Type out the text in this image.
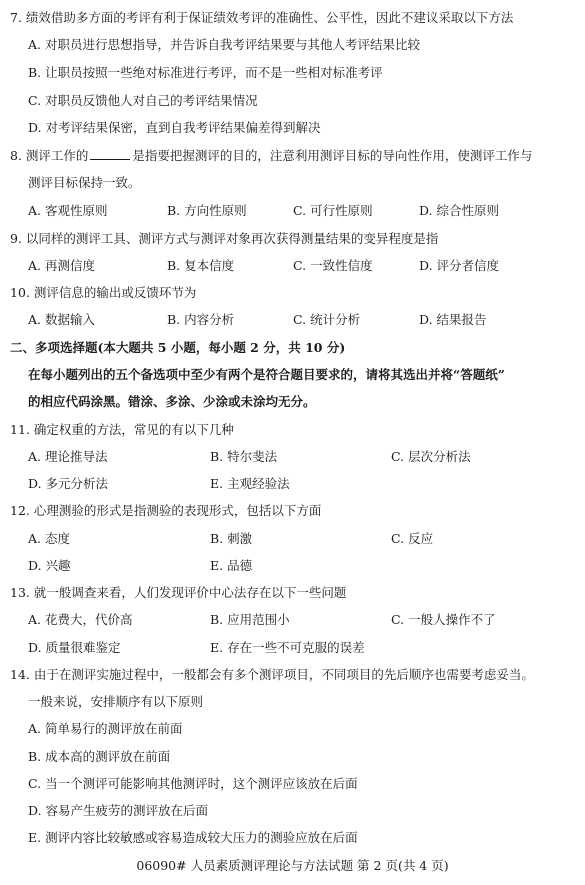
7. 绩效借助多方面的考评有利于保证绩效考评的准确性、公平性，因此不建议采取以下方法
A. 对职员进行思想指导，并告诉自我考评结果要与其他人考评结果比较
B. 让职员按照一些绝对标准进行考评，而不是一些相对标准考评
C. 对职员反馈他人对自己的考评结果情况
D. 对考评结果保密，直到自我考评结果偏差得到解决
8. 测评工作的	是指要把握测评的目的，注意利用测评目标的导向性作用，使测评工作与
测评目标保持一致。
A. 客观性原则	B. 方向性原则	C. 可行性原则	D. 综合性原则
9. 以同样的测评工具、测评方式与测评对象再次获得测量结果的变异程度是指
A. 再测信度	B. 复本信度	C. 一致性信度	D. 评分者信度
10. 测评信息的输出或反馈环节为
A. 数据输入	B. 内容分析	C. 统计分析	D. 结果报告
二、多项选择题(本大题共 5 小题，每小题 2 分，共 10 分)
在每小题列出的五个备选项中至少有两个是符合题目要求的，请将其选出并将“答题纸”
的相应代码涂黑。错涂、多涂、少涂或未涂均无分。
11. 确定权重的方法，常见的有以下几种
A. 理论推导法	B. 特尔斐法	C. 层次分析法
D. 多元分析法	E. 主观经验法
12. 心理测验的形式是指测验的表现形式，包括以下方面
A. 态度	B. 刺激	C. 反应
D. 兴趣	E. 品德
13. 就一般调查来看，人们发现评价中心法存在以下一些问题
A. 花费大，代价高	B. 应用范围小	C. 一般人操作不了
D. 质量很难鉴定	E. 存在一些不可克服的误差
14. 由于在测评实施过程中，一般都会有多个测评项目，不同项目的先后顺序也需要考虑妥当。
一般来说，安排顺序有以下原则
A. 简单易行的测评放在前面
B. 成本高的测评放在前面
C. 当一个测评可能影响其他测评时，这个测评应该放在后面
D. 容易产生疲劳的测评放在后面
E. 测评内容比较敏感或容易造成较大压力的测验应放在后面
06090# 人员素质测评理论与方法试题 第 2 页(共 4 页)
